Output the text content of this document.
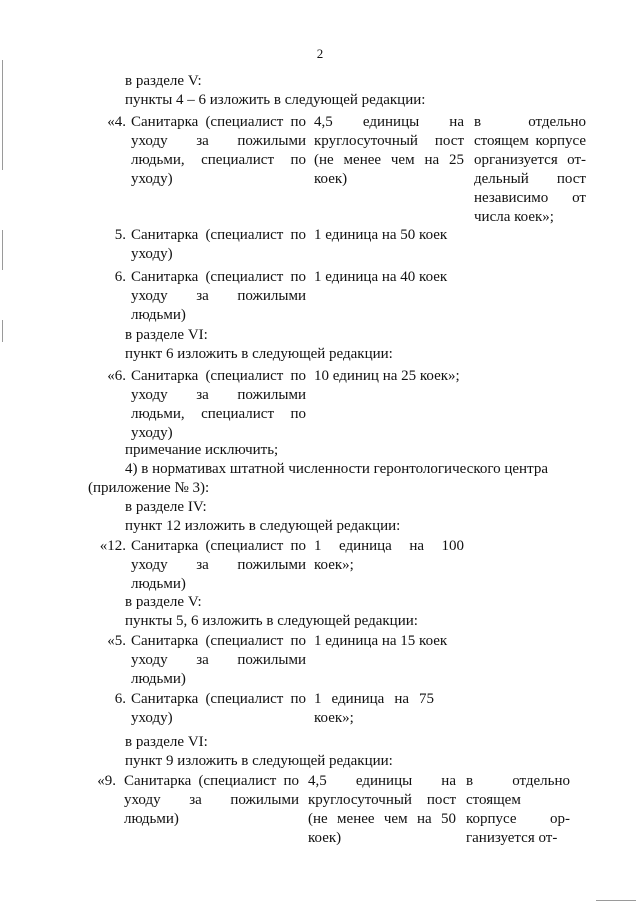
2
в разделе V:
пункты 4 – 6 изложить в следующей редакции:
«4. Санитарка (специалист по уходу за пожилыми людьми, специалист по уходу)
4,5 единицы на круглосуточный пост (не менее чем на 25 коек)
в отдельно стоящем корпусе организуется от- дельный пост независимо от числа коек»;
5. Санитарка (специалист по уходу)
1 единица на 50 коек
6. Санитарка (специалист по уходу за пожилыми людьми)
1 единица на 40 коек
в разделе VI:
пункт 6 изложить в следующей редакции:
«6. Санитарка (специалист по уходу за пожилыми людьми, специалист по уходу)
10 единиц на 25 коек»;
примечание исключить;
4) в нормативах штатной численности геронтологического центра
(приложение № 3):
в разделе IV:
пункт 12 изложить в следующей редакции:
«12. Санитарка (специалист по уходу за пожилыми людьми)
1 единица на 100 коек»;
в разделе V:
пункты 5, 6 изложить в следующей редакции:
«5. Санитарка (специалист по уходу за пожилыми людьми)
1 единица на 15 коек
6. Санитарка (специалист по уходу)
1 единица на 75 коек»;
в разделе VI:
пункт 9 изложить в следующей редакции:
«9. Санитарка (специалист по уходу за пожилыми людьми)
4,5 единицы на круглосуточный пост (не менее чем на 50 коек)
в отдельно стоящем корпусе ор- ганизуется от-
